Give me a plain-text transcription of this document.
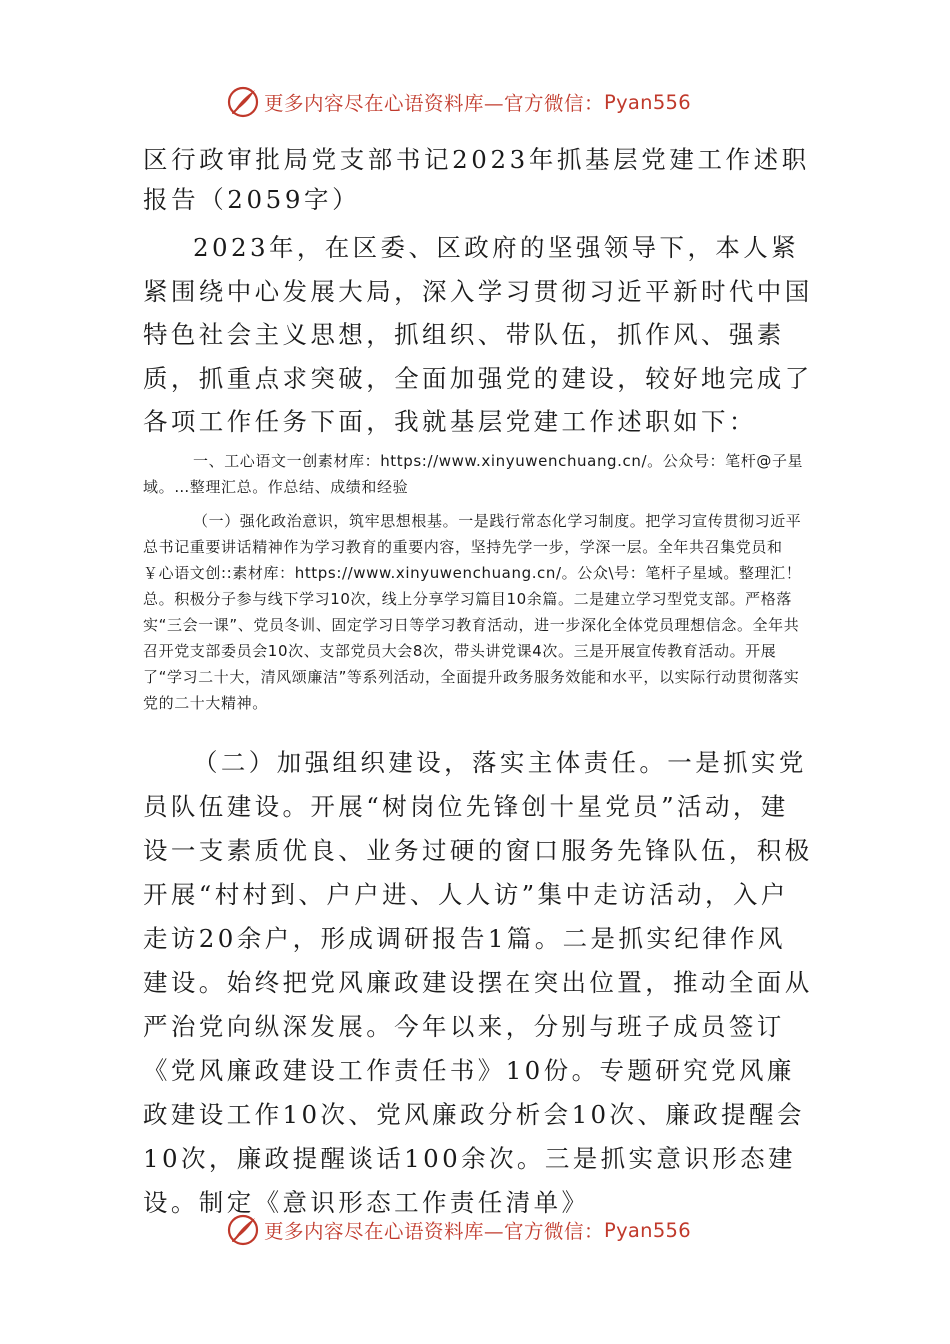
更多内容尽在心语资料库—官方微信： Pyan556
区行政审批局党支部书记2023年抓基层党建工作述职报告（2059字）

2023年，在区委、区政府的坚强领导下，本人紧紧围绕中心发展大局，深入学习贯彻习近平新时代中国特色社会主义思想，抓组织、带队伍，抓作风、强素质，抓重点求突破，全面加强党的建设，较好地完成了各项工作任务下面，我就基层党建工作述职如下：

一、工心语文一创素材库：https://www.xinyuwenchuang.cn/。公众号：笔杆@子星域。…整理汇总。作总结、成绩和经验

（一）强化政治意识，筑牢思想根基。一是践行常态化学习制度。把学习宣传贯彻习近平总书记重要讲话精神作为学习教育的重要内容，坚持先学一步，学深一层。全年共召集党员和￥心语文创::素材库：https://www.xinyuwenchuang.cn/。公众\号：笔杆子星域。整理汇！总。积极分子参与线下学习10次，线上分享学习篇目10余篇。二是建立学习型党支部。严格落实“三会一课”、党员冬训、固定学习日等学习教育活动，进一步深化全体党员理想信念。全年共召开党支部委员会10次、支部党员大会8次，带头讲党课4次。三是开展宣传教育活动。开展了“学习二十大，清风颂廉洁”等系列活动，全面提升政务服务效能和水平，以实际行动贯彻落实党的二十大精神。

（二）加强组织建设，落实主体责任。一是抓实党员队伍建设。开展“树岗位先锋创十星党员”活动，建设一支素质优良、业务过硬的窗口服务先锋队伍，积极开展“村村到、户户进、人人访”集中走访活动，入户走访20余户，形成调研报告1篇。二是抓实纪律作风建设。始终把党风廉政建设摆在突出位置，推动全面从严治党向纵深发展。今年以来，分别与班子成员签订《党风廉政建设工作责任书》10份。专题研究党风廉政建设工作10次、党风廉政分析会10次、廉政提醒会10次，廉政提醒谈话100余次。三是抓实意识形态建设。制定《意识形态工作责任清单》

更多内容尽在心语资料库—官方微信： Pyan556
